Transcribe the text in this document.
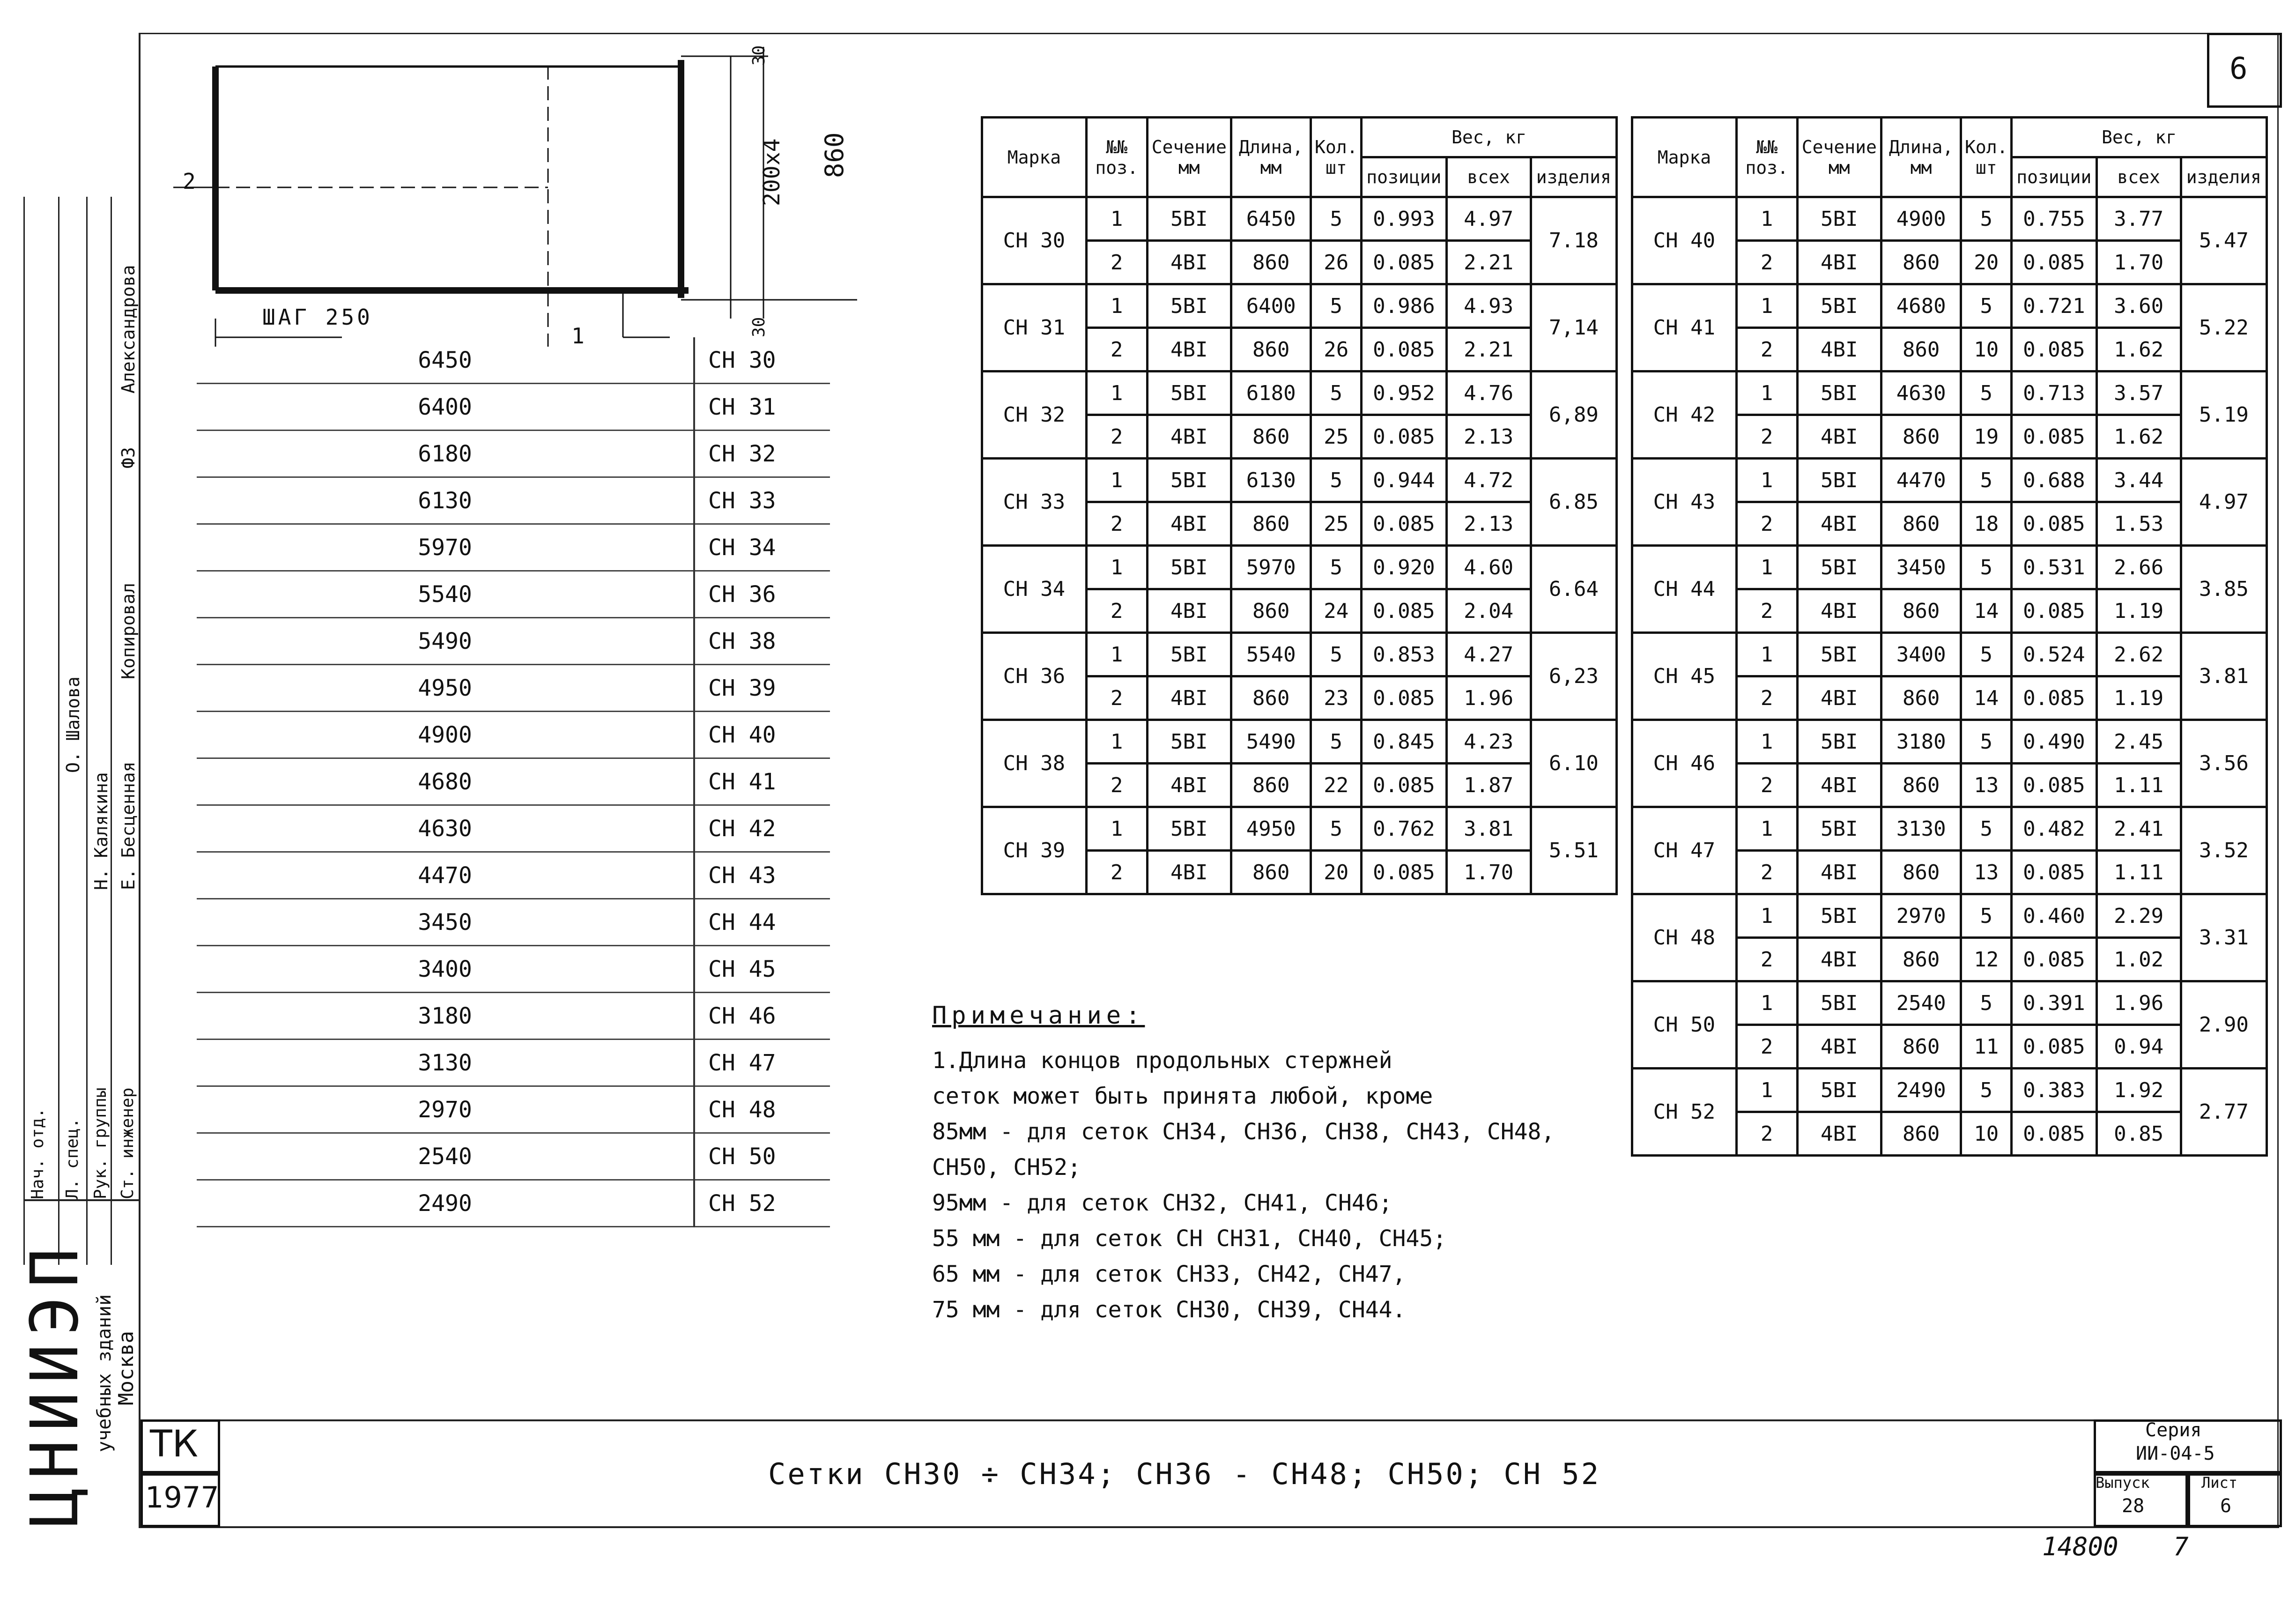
6
ЦНИИЭП учебных зданий
Москва
Ст. инженер
Рук. группы
Л. спец.
Нач. отд.
Е. Бесценная
Н. Калякина
О. Шалова
Александрова
Копировал
Ф3
2
1
ШАГ 250
30
30
200x4 860
6450	СН 30
6400	СН 31
6180	СН 32
6130	СН 33
5970	СН 34
5540	СН 36
5490	СН 38
4950	СН 39
4900	СН 40
4680	СН 41
4630	СН 42
4470	СН 43
3450	СН 44
3400	СН 45
3180	СН 46
3130	СН 47
2970	СН 48
2540	СН 50
2490	СН 52
Марка	№№ поз.	Сечение мм	Длина, мм	Кол. шт	Вес, кг		
					позиции	всех	изделия
СН 30	1	5ВI	6450	5	0.993	4.97	7.18
	2	4ВI	860	26	0.085	2.21	
СН 31	1	5ВI	6400	5	0.986	4.93	7,14
	2	4ВI	860	26	0.085	2.21	
СН 32	1	5ВI	6180	5	0.952	4.76	6,89
	2	4ВI	860	25	0.085	2.13	
СН 33	1	5ВI	6130	5	0.944	4.72	6.85
	2	4ВI	860	25	0.085	2.13	
СН 34	1	5ВI	5970	5	0.920	4.60	6.64
	2	4ВI	860	24	0.085	2.04	
СН 36	1	5ВI	5540	5	0.853	4.27	6,23
	2	4ВI	860	23	0.085	1.96	
СН 38	1	5ВI	5490	5	0.845	4.23	6.10
	2	4ВI	860	22	0.085	1.87	
СН 39	1	5ВI	4950	5	0.762	3.81	5.51
	2	4ВI	860	20	0.085	1.70	
Марка	№№ поз.	Сечение мм	Длина, мм	Кол. шт	Вес, кг		
					позиции	всех	изделия
СН 40	1	5ВI	4900	5	0.755	3.77	5.47
	2	4ВI	860	20	0.085	1.70	
СН 41	1	5ВI	4680	5	0.721	3.60	5.22
	2	4ВI	860	10	0.085	1.62	
СН 42	1	5ВI	4630	5	0.713	3.57	5.19
	2	4ВI	860	19	0.085	1.62	
СН 43	1	5ВI	4470	5	0.688	3.44	4.97
	2	4ВI	860	18	0.085	1.53	
СН 44	1	5ВI	3450	5	0.531	2.66	3.85
	2	4ВI	860	14	0.085	1.19	
СН 45	1	5ВI	3400	5	0.524	2.62	3.81
	2	4ВI	860	14	0.085	1.19	
СН 46	1	5ВI	3180	5	0.490	2.45	3.56
	2	4ВI	860	13	0.085	1.11	
СН 47	1	5ВI	3130	5	0.482	2.41	3.52
	2	4ВI	860	13	0.085	1.11	
СН 48	1	5ВI	2970	5	0.460	2.29	3.31
	2	4ВI	860	12	0.085	1.02	
СН 50	1	5ВI	2540	5	0.391	1.96	2.90
	2	4ВI	860	11	0.085	0.94	
СН 52	1	5ВI	2490	5	0.383	1.92	2.77
	2	4ВI	860	10	0.085	0.85	
Примечание:
1.Длина концов продольных стержней
сеток может быть принята любой, кроме
85мм - для сеток СН34, СН36, СН38, СН43, СН48,
СН50, СН52;
95мм - для сеток СН32, СН41, СН46;
55 мм - для сеток СН СН31, СН40, СН45;
65 мм - для сеток СН33, СН42, СН47,
75 мм - для сеток СН30, СН39, СН44.
ТК
1977
Сетки СН30 ÷ СН34; СН36 - СН48; СН50; СН 52
Серия
ИИ-04-5
Выпуск
28
Лист
6
14800 7
